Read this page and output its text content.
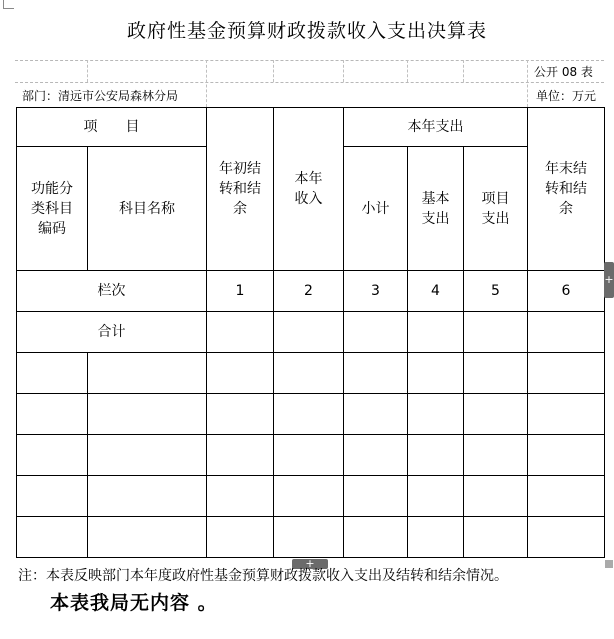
政府性基金预算财政拨款收入支出决算表
公开 08 表
部门：清远市公安局森林分局	单位：万元
项　　目		年初结转和结余	本年收入	本年支出			年末结转和结余
功能分类科目编码	科目名称			小计	基本支出	项目支出	
栏次		1	2	3	4	5	6
合计							

+
+
注：本表反映部门本年度政府性基金预算财政拨款收入支出及结转和结余情况。
本表我局无内容 。
